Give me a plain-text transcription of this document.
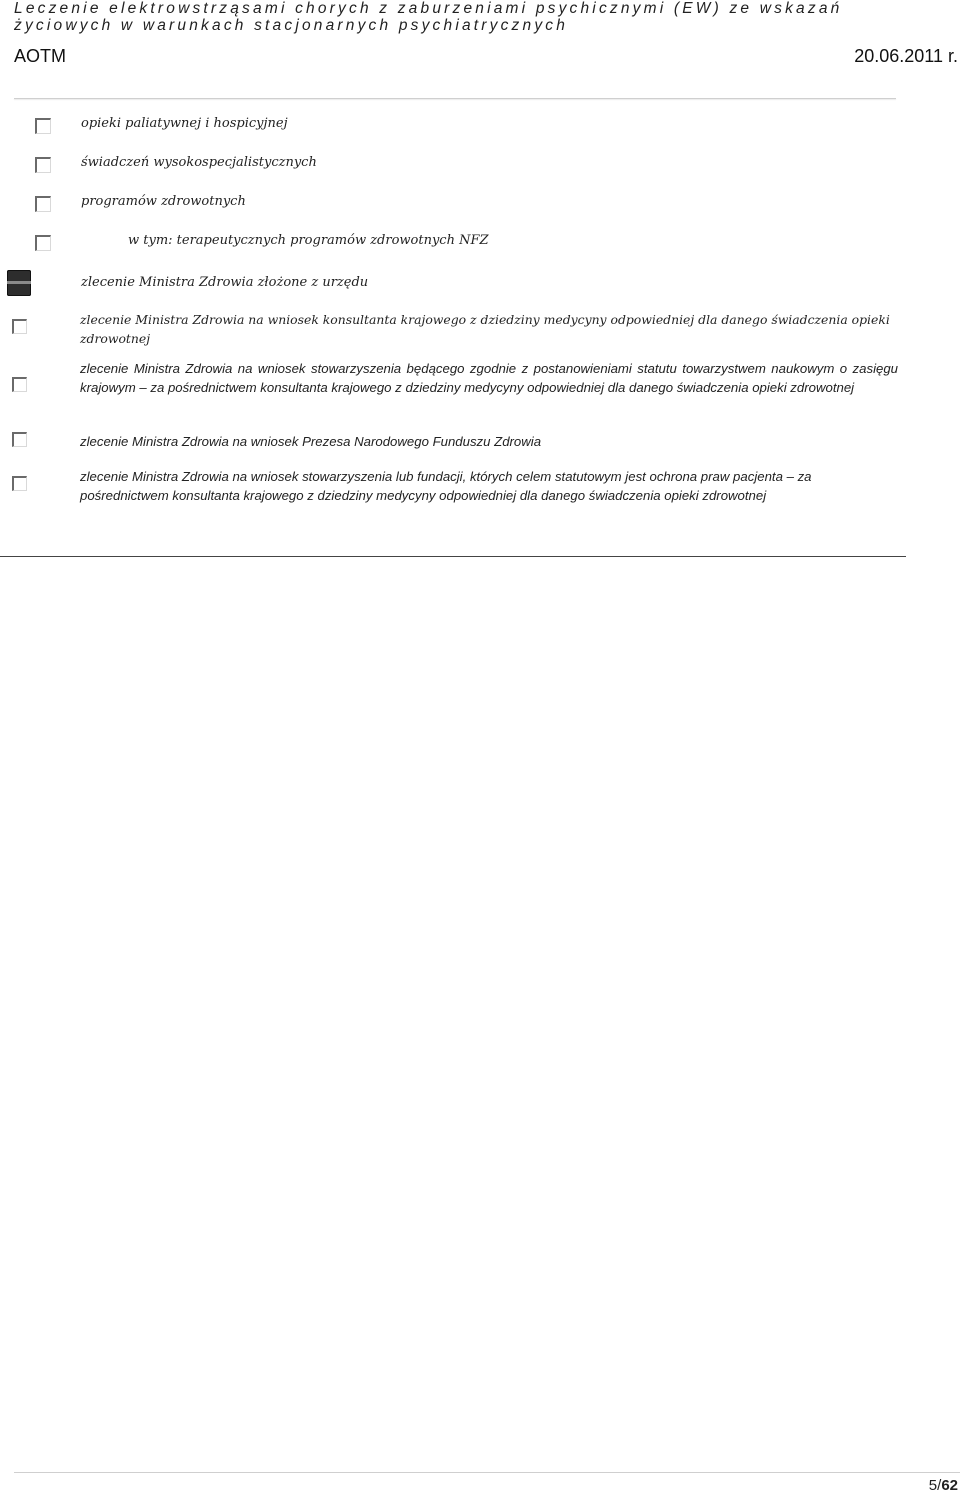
Leczenie elektrowstrząsami chorych z zaburzeniami psychicznymi (EW) ze wskazań
życiowych w warunkach stacjonarnych psychiatrycznych
AOTM	20.06.2011 r.
opieki paliatywnej i hospicyjnej
świadczeń wysokospecjalistycznych
programów zdrowotnych
w tym: terapeutycznych programów zdrowotnych NFZ
zlecenie Ministra Zdrowia złożone z urzędu
zlecenie Ministra Zdrowia na wniosek konsultanta krajowego z dziedziny medycyny odpowiedniej dla danego świadczenia opieki zdrowotnej
zlecenie Ministra Zdrowia na wniosek stowarzyszenia będącego zgodnie z postanowieniami statutu towarzystwem naukowym o zasięgu krajowym – za pośrednictwem konsultanta krajowego z dziedziny medycyny odpowiedniej dla danego świadczenia opieki zdrowotnej
zlecenie Ministra Zdrowia na wniosek Prezesa Narodowego Funduszu Zdrowia
zlecenie Ministra Zdrowia na wniosek stowarzyszenia lub fundacji, których celem statutowym jest ochrona praw pacjenta – za pośrednictwem konsultanta krajowego z dziedziny medycyny odpowiedniej dla danego świadczenia opieki zdrowotnej
5/62
